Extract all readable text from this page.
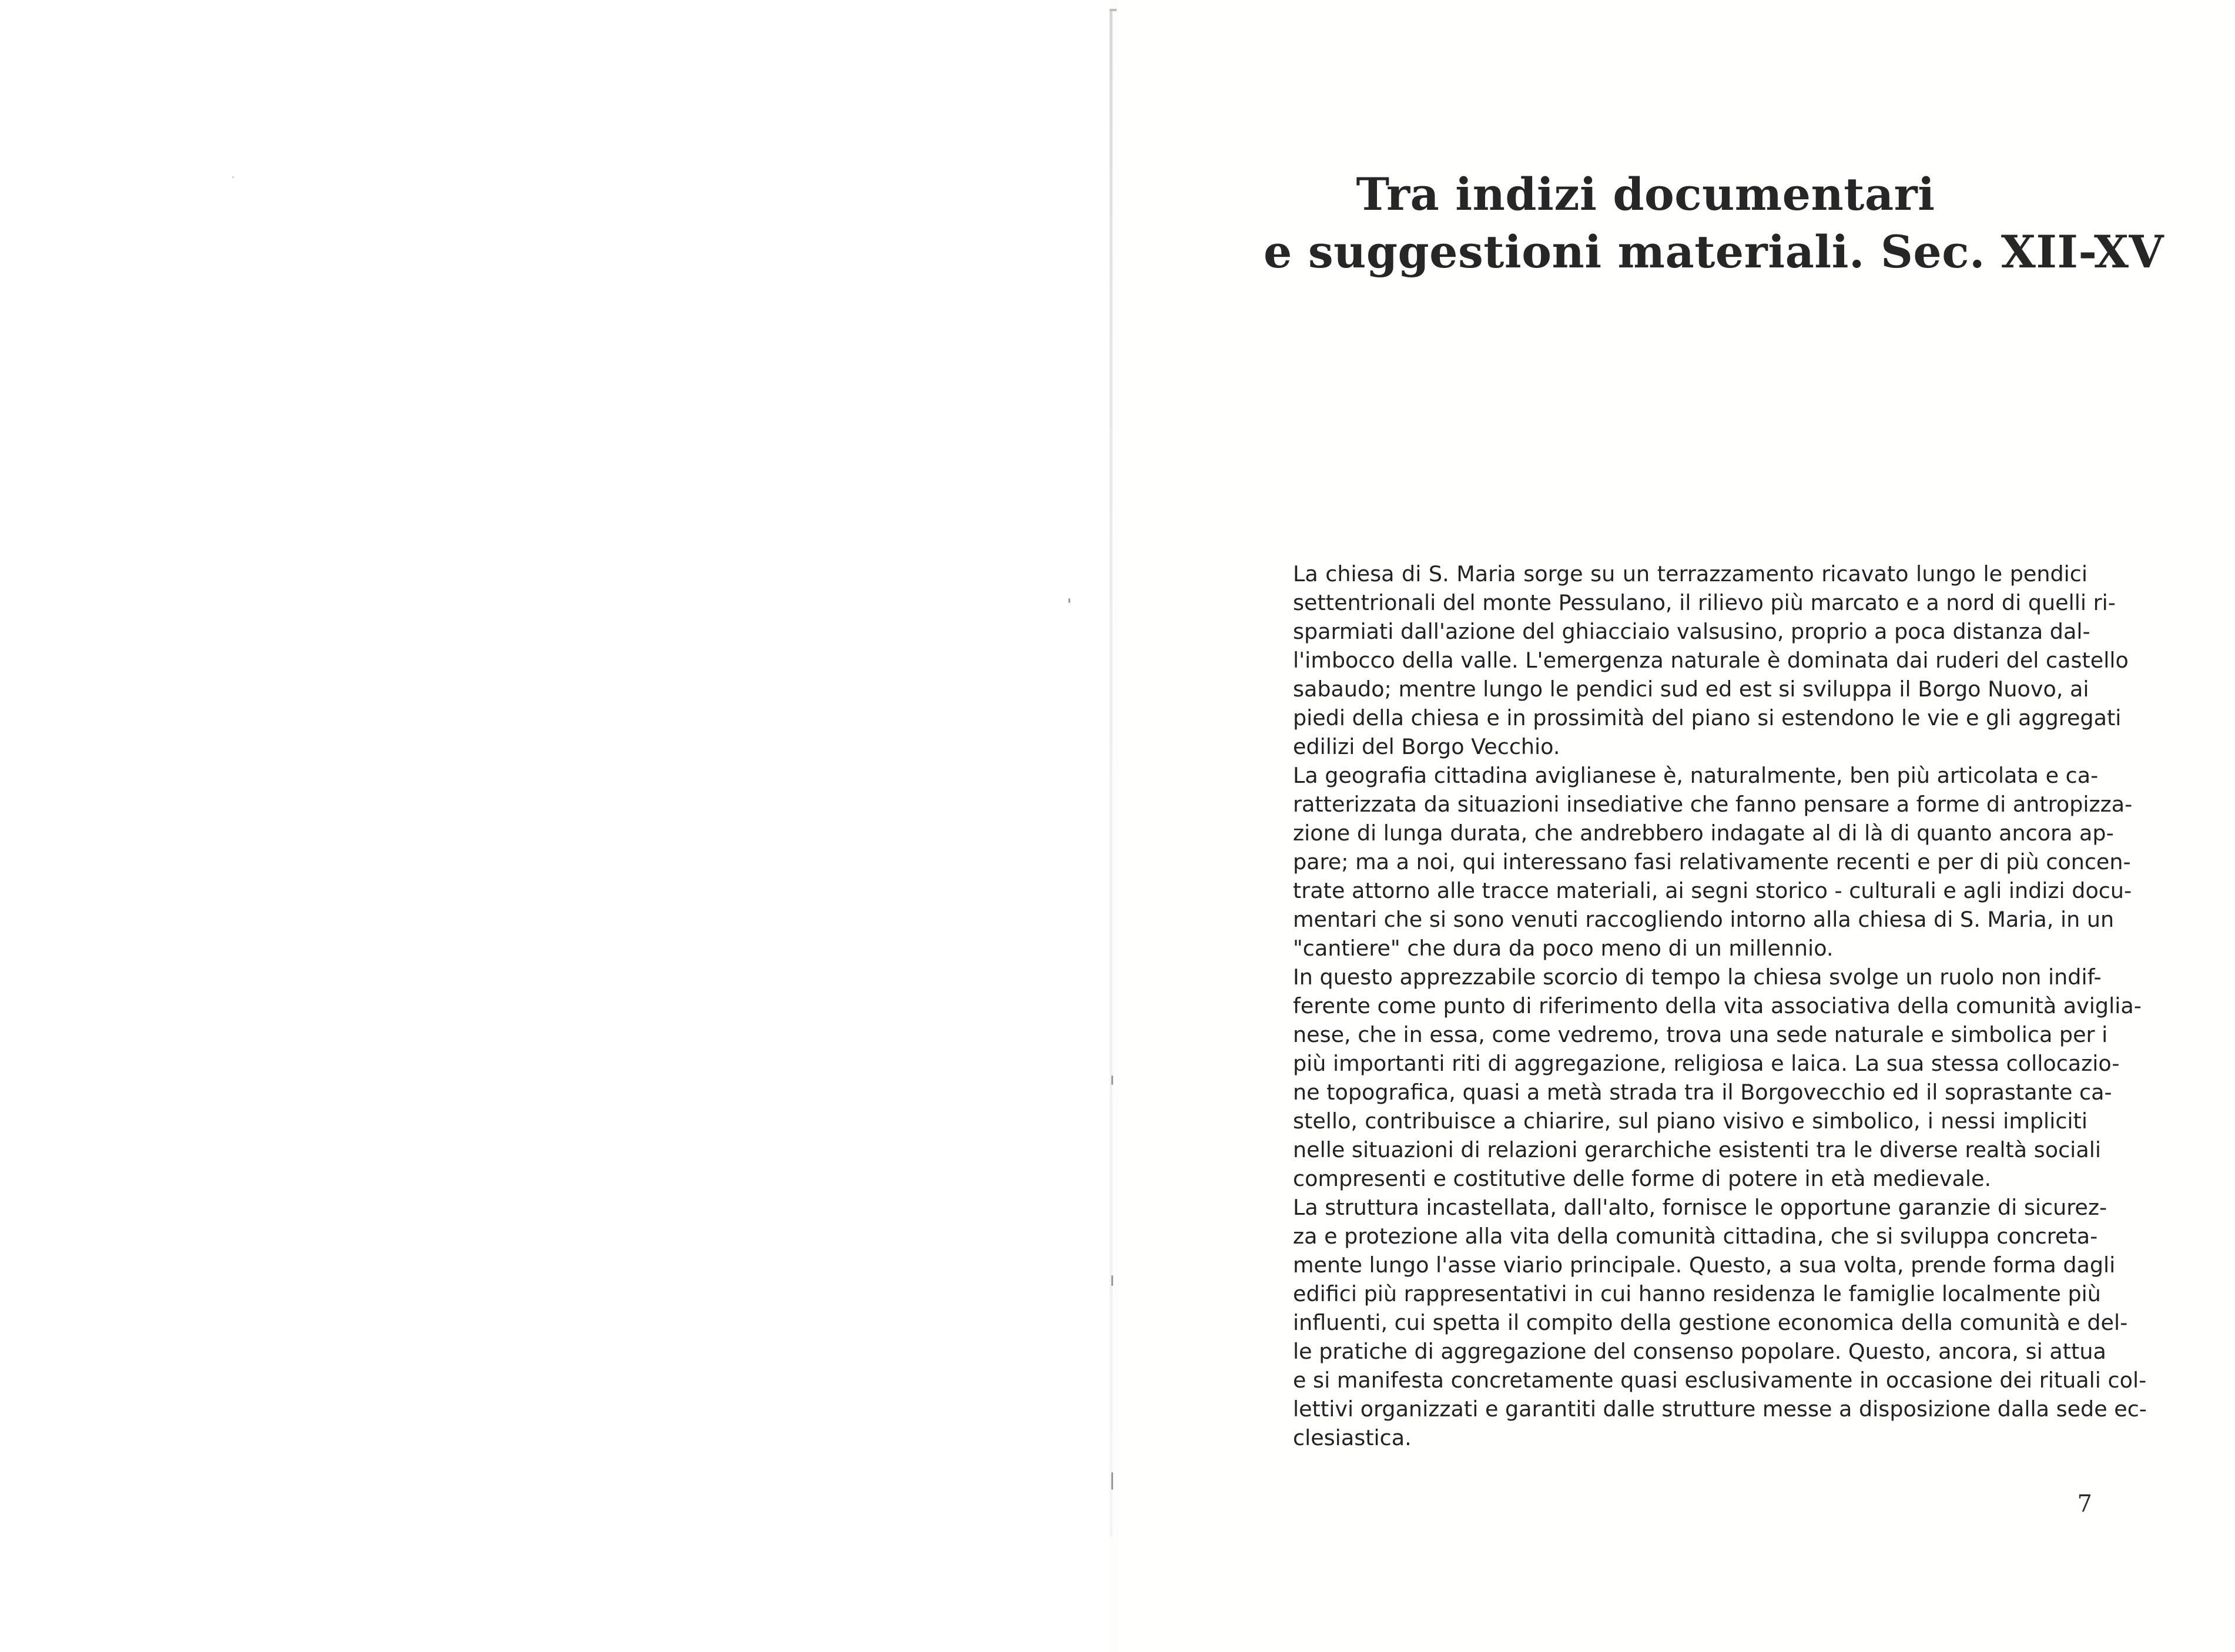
Tra indizi documentari
e suggestioni materiali. Sec. XII-XV
La chiesa di S. Maria sorge su un terrazzamento ricavato lungo le pendici
settentrionali del monte Pessulano, il rilievo più marcato e a nord di quelli ri-
sparmiati dall'azione del ghiacciaio valsusino, proprio a poca distanza dal-
l'imbocco della valle. L'emergenza naturale è dominata dai ruderi del castello
sabaudo; mentre lungo le pendici sud ed est si sviluppa il Borgo Nuovo, ai
piedi della chiesa e in prossimità del piano si estendono le vie e gli aggregati
edilizi del Borgo Vecchio.
La geografia cittadina aviglianese è, naturalmente, ben più articolata e ca-
ratterizzata da situazioni insediative che fanno pensare a forme di antropizza-
zione di lunga durata, che andrebbero indagate al di là di quanto ancora ap-
pare; ma a noi, qui interessano fasi relativamente recenti e per di più concen-
trate attorno alle tracce materiali, ai segni storico - culturali e agli indizi docu-
mentari che si sono venuti raccogliendo intorno alla chiesa di S. Maria, in un
"cantiere" che dura da poco meno di un millennio.
In questo apprezzabile scorcio di tempo la chiesa svolge un ruolo non indif-
ferente come punto di riferimento della vita associativa della comunità aviglia-
nese, che in essa, come vedremo, trova una sede naturale e simbolica per i
più importanti riti di aggregazione, religiosa e laica. La sua stessa collocazio-
ne topografica, quasi a metà strada tra il Borgovecchio ed il soprastante ca-
stello, contribuisce a chiarire, sul piano visivo e simbolico, i nessi impliciti
nelle situazioni di relazioni gerarchiche esistenti tra le diverse realtà sociali
compresenti e costitutive delle forme di potere in età medievale.
La struttura incastellata, dall'alto, fornisce le opportune garanzie di sicurez-
za e protezione alla vita della comunità cittadina, che si sviluppa concreta-
mente lungo l'asse viario principale. Questo, a sua volta, prende forma dagli
edifici più rappresentativi in cui hanno residenza le famiglie localmente più
influenti, cui spetta il compito della gestione economica della comunità e del-
le pratiche di aggregazione del consenso popolare. Questo, ancora, si attua
e si manifesta concretamente quasi esclusivamente in occasione dei rituali col-
lettivi organizzati e garantiti dalle strutture messe a disposizione dalla sede ec-
clesiastica.
7
